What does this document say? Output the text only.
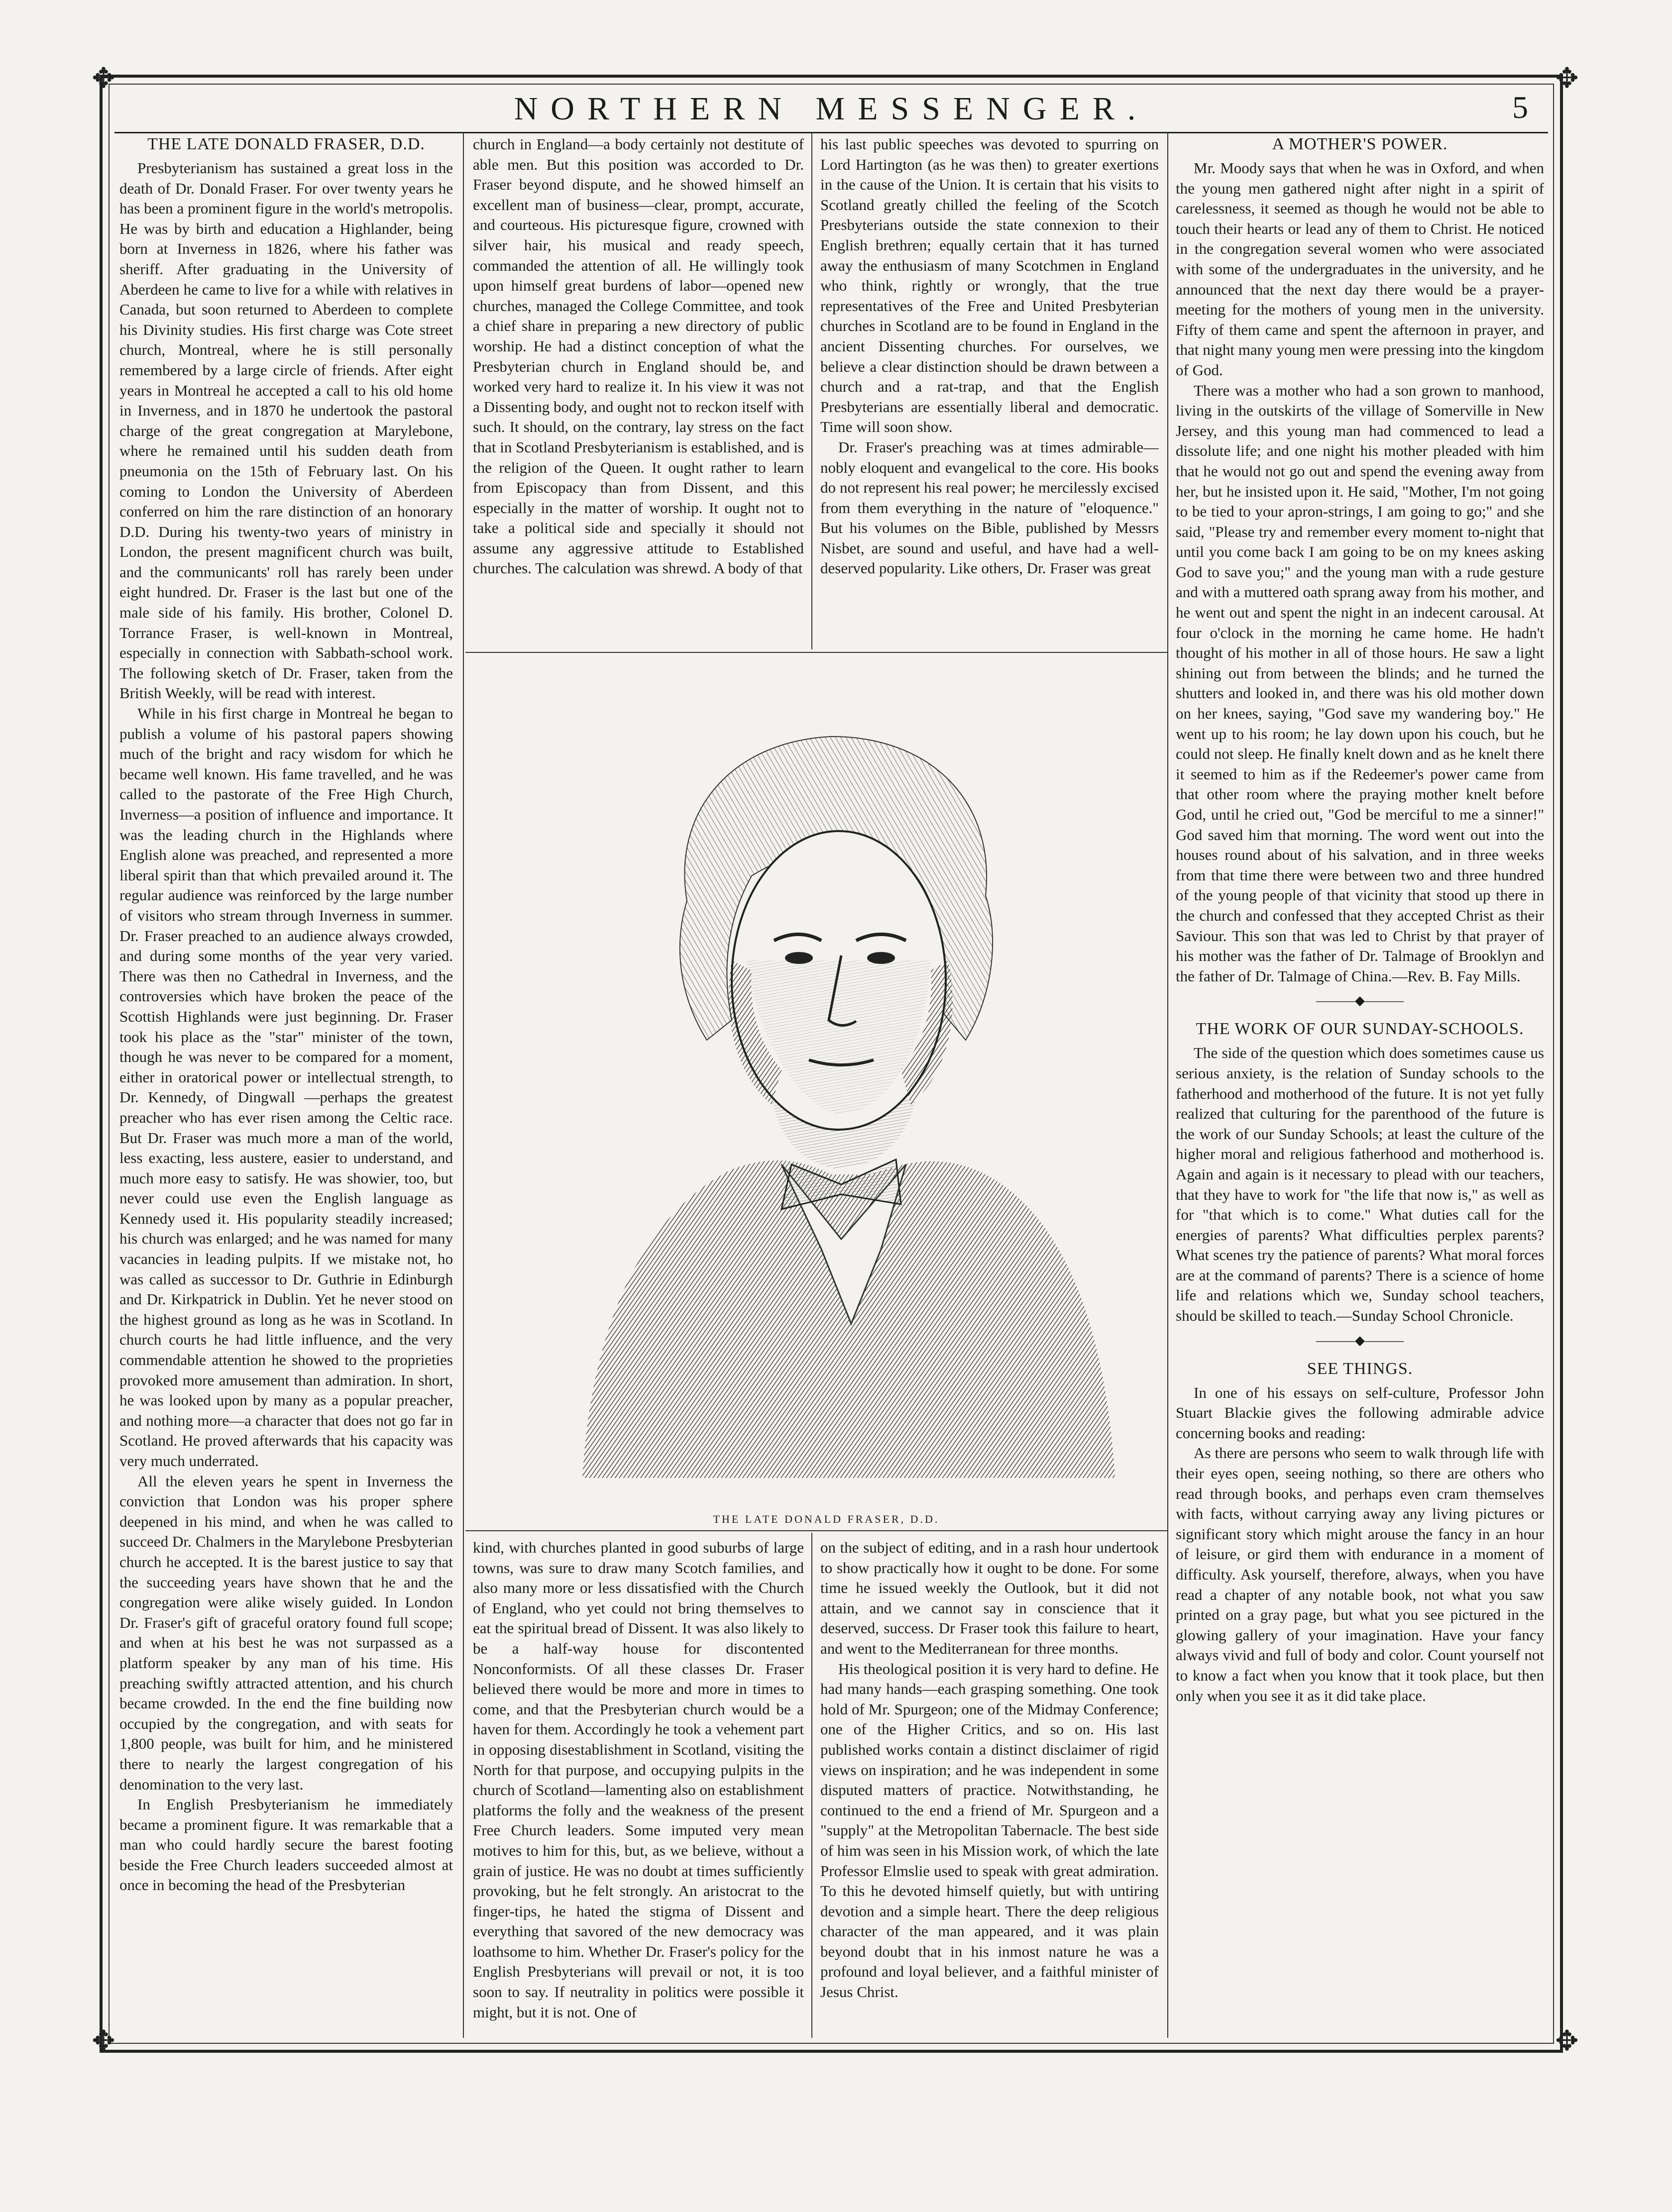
✥	✥
✥	✥
NORTHERN MESSENGER.	5
THE LATE DONALD FRASER, D.D.

Presbyterianism has sustained a great loss in the death of Dr. Donald Fraser. For over twenty years he has been a prominent figure in the world's metropolis. He was by birth and education a Highlander, being born at Inverness in 1826, where his father was sheriff. After graduating in the University of Aberdeen he came to live for a while with relatives in Canada, but soon returned to Aberdeen to complete his Divinity studies. His first charge was Cote street church, Montreal, where he is still personally remembered by a large circle of friends. After eight years in Montreal he accepted a call to his old home in Inverness, and in 1870 he undertook the pastoral charge of the great congregation at Marylebone, where he remained until his sudden death from pneumonia on the 15th of February last. On his coming to London the University of Aberdeen conferred on him the rare distinction of an honorary D.D. During his twenty-two years of ministry in London, the present magnificent church was built, and the communicants' roll has rarely been under eight hundred. Dr. Fraser is the last but one of the male side of his family. His brother, Colonel D. Torrance Fraser, is well-known in Montreal, especially in connection with Sabbath-school work. The following sketch of Dr. Fraser, taken from the British Weekly, will be read with interest.

While in his first charge in Montreal he began to publish a volume of his pastoral papers showing much of the bright and racy wisdom for which he became well known. His fame travelled, and he was called to the pastorate of the Free High Church, Inverness—a position of influence and importance. It was the leading church in the Highlands where English alone was preached, and represented a more liberal spirit than that which prevailed around it. The regular audience was reinforced by the large number of visitors who stream through Inverness in summer. Dr. Fraser preached to an audience always crowded, and during some months of the year very varied. There was then no Cathedral in Inverness, and the controversies which have broken the peace of the Scottish Highlands were just beginning. Dr. Fraser took his place as the "star" minister of the town, though he was never to be compared for a moment, either in oratorical power or intellectual strength, to Dr. Kennedy, of Dingwall —perhaps the greatest preacher who has ever risen among the Celtic race. But Dr. Fraser was much more a man of the world, less exacting, less austere, easier to understand, and much more easy to satisfy. He was showier, too, but never could use even the English language as Kennedy used it. His popularity steadily increased; his church was enlarged; and he was named for many vacancies in leading pulpits. If we mistake not, ho was called as successor to Dr. Guthrie in Edinburgh and Dr. Kirkpatrick in Dublin. Yet he never stood on the highest ground as long as he was in Scotland. In church courts he had little influence, and the very commendable attention he showed to the proprieties provoked more amusement than admiration. In short, he was looked upon by many as a popular preacher, and nothing more—a character that does not go far in Scotland. He proved afterwards that his capacity was very much underrated.

All the eleven years he spent in Inverness the conviction that London was his proper sphere deepened in his mind, and when he was called to succeed Dr. Chalmers in the Marylebone Presbyterian church he accepted. It is the barest justice to say that the succeeding years have shown that he and the congregation were alike wisely guided. In London Dr. Fraser's gift of graceful oratory found full scope; and when at his best he was not surpassed as a platform speaker by any man of his time. His preaching swiftly attracted attention, and his church became crowded. In the end the fine building now occupied by the congregation, and with seats for 1,800 people, was built for him, and he ministered there to nearly the largest congregation of his denomination to the very last.

In English Presbyterianism he immediately became a prominent figure. It was remarkable that a man who could hardly secure the barest footing beside the Free Church leaders succeeded almost at once in becoming the head of the Presbyterian

church in England—a body certainly not destitute of able men. But this position was accorded to Dr. Fraser beyond dispute, and he showed himself an excellent man of business—clear, prompt, accurate, and courteous. His picturesque figure, crowned with silver hair, his musical and ready speech, commanded the attention of all. He willingly took upon himself great burdens of labor—opened new churches, managed the College Committee, and took a chief share in preparing a new directory of public worship. He had a distinct conception of what the Presbyterian church in England should be, and worked very hard to realize it. In his view it was not a Dissenting body, and ought not to reckon itself with such. It should, on the contrary, lay stress on the fact that in Scotland Presbyterianism is established, and is the religion of the Queen. It ought rather to learn from Episcopacy than from Dissent, and this especially in the matter of worship. It ought not to take a political side and specially it should not assume any aggressive attitude to Established churches. The calculation was shrewd. A body of that

his last public speeches was devoted to spurring on Lord Hartington (as he was then) to greater exertions in the cause of the Union. It is certain that his visits to Scotland greatly chilled the feeling of the Scotch Presbyterians outside the state connexion to their English brethren; equally certain that it has turned away the enthusiasm of many Scotchmen in England who think, rightly or wrongly, that the true representatives of the Free and United Presbyterian churches in Scotland are to be found in England in the ancient Dissenting churches. For ourselves, we believe a clear distinction should be drawn between a church and a rat-trap, and that the English Presbyterians are essentially liberal and democratic. Time will soon show.

Dr. Fraser's preaching was at times admirable—nobly eloquent and evangelical to the core. His books do not represent his real power; he mercilessly excised from them everything in the nature of "eloquence." But his volumes on the Bible, published by Messrs Nisbet, are sound and useful, and have had a well-deserved popularity. Like others, Dr. Fraser was great

THE LATE DONALD FRASER, D.D.

kind, with churches planted in good suburbs of large towns, was sure to draw many Scotch families, and also many more or less dissatisfied with the Church of England, who yet could not bring themselves to eat the spiritual bread of Dissent. It was also likely to be a half-way house for discontented Nonconformists. Of all these classes Dr. Fraser believed there would be more and more in times to come, and that the Presbyterian church would be a haven for them. Accordingly he took a vehement part in opposing disestablishment in Scotland, visiting the North for that purpose, and occupying pulpits in the church of Scotland—lamenting also on establishment platforms the folly and the weakness of the present Free Church leaders. Some imputed very mean motives to him for this, but, as we believe, without a grain of justice. He was no doubt at times sufficiently provoking, but he felt strongly. An aristocrat to the finger-tips, he hated the stigma of Dissent and everything that savored of the new democracy was loathsome to him. Whether Dr. Fraser's policy for the English Presbyterians will prevail or not, it is too soon to say. If neutrality in politics were possible it might, but it is not. One of

on the subject of editing, and in a rash hour undertook to show practically how it ought to be done. For some time he issued weekly the Outlook, but it did not attain, and we cannot say in conscience that it deserved, success. Dr Fraser took this failure to heart, and went to the Mediterranean for three months.

His theological position it is very hard to define. He had many hands—each grasping something. One took hold of Mr. Spurgeon; one of the Midmay Conference; one of the Higher Critics, and so on. His last published works contain a distinct disclaimer of rigid views on inspiration; and he was independent in some disputed matters of practice. Notwithstanding, he continued to the end a friend of Mr. Spurgeon and a "supply" at the Metropolitan Tabernacle. The best side of him was seen in his Mission work, of which the late Professor Elmslie used to speak with great admiration. To this he devoted himself quietly, but with untiring devotion and a simple heart. There the deep religious character of the man appeared, and it was plain beyond doubt that in his inmost nature he was a profound and loyal believer, and a faithful minister of Jesus Christ.

A MOTHER'S POWER.

Mr. Moody says that when he was in Oxford, and when the young men gathered night after night in a spirit of carelessness, it seemed as though he would not be able to touch their hearts or lead any of them to Christ. He noticed in the congregation several women who were associated with some of the undergraduates in the university, and he announced that the next day there would be a prayer-meeting for the mothers of young men in the university. Fifty of them came and spent the afternoon in prayer, and that night many young men were pressing into the kingdom of God.

There was a mother who had a son grown to manhood, living in the outskirts of the village of Somerville in New Jersey, and this young man had commenced to lead a dissolute life; and one night his mother pleaded with him that he would not go out and spend the evening away from her, but he insisted upon it. He said, "Mother, I'm not going to be tied to your apron-strings, I am going to go;" and she said, "Please try and remember every moment to-night that until you come back I am going to be on my knees asking God to save you;" and the young man with a rude gesture and with a muttered oath sprang away from his mother, and he went out and spent the night in an indecent carousal. At four o'clock in the morning he came home. He hadn't thought of his mother in all of those hours. He saw a light shining out from between the blinds; and he turned the shutters and looked in, and there was his old mother down on her knees, saying, "God save my wandering boy." He went up to his room; he lay down upon his couch, but he could not sleep. He finally knelt down and as he knelt there it seemed to him as if the Redeemer's power came from that other room where the praying mother knelt before God, until he cried out, "God be merciful to me a sinner!" God saved him that morning. The word went out into the houses round about of his salvation, and in three weeks from that time there were between two and three hundred of the young people of that vicinity that stood up there in the church and confessed that they accepted Christ as their Saviour. This son that was led to Christ by that prayer of his mother was the father of Dr. Talmage of Brooklyn and the father of Dr. Talmage of China.—Rev. B. Fay Mills.

———◆———
THE WORK OF OUR SUNDAY-SCHOOLS.

The side of the question which does sometimes cause us serious anxiety, is the relation of Sunday schools to the fatherhood and motherhood of the future. It is not yet fully realized that culturing for the parenthood of the future is the work of our Sunday Schools; at least the culture of the higher moral and religious fatherhood and motherhood is. Again and again is it necessary to plead with our teachers, that they have to work for "the life that now is," as well as for "that which is to come." What duties call for the energies of parents? What difficulties perplex parents? What scenes try the patience of parents? What moral forces are at the command of parents? There is a science of home life and relations which we, Sunday school teachers, should be skilled to teach.—Sunday School Chronicle.

———◆———
SEE THINGS.

In one of his essays on self-culture, Professor John Stuart Blackie gives the following admirable advice concerning books and reading:

As there are persons who seem to walk through life with their eyes open, seeing nothing, so there are others who read through books, and perhaps even cram themselves with facts, without carrying away any living pictures or significant story which might arouse the fancy in an hour of leisure, or gird them with endurance in a moment of difficulty. Ask yourself, therefore, always, when you have read a chapter of any notable book, not what you saw printed on a gray page, but what you see pictured in the glowing gallery of your imagination. Have your fancy always vivid and full of body and color. Count yourself not to know a fact when you know that it took place, but then only when you see it as it did take place.
